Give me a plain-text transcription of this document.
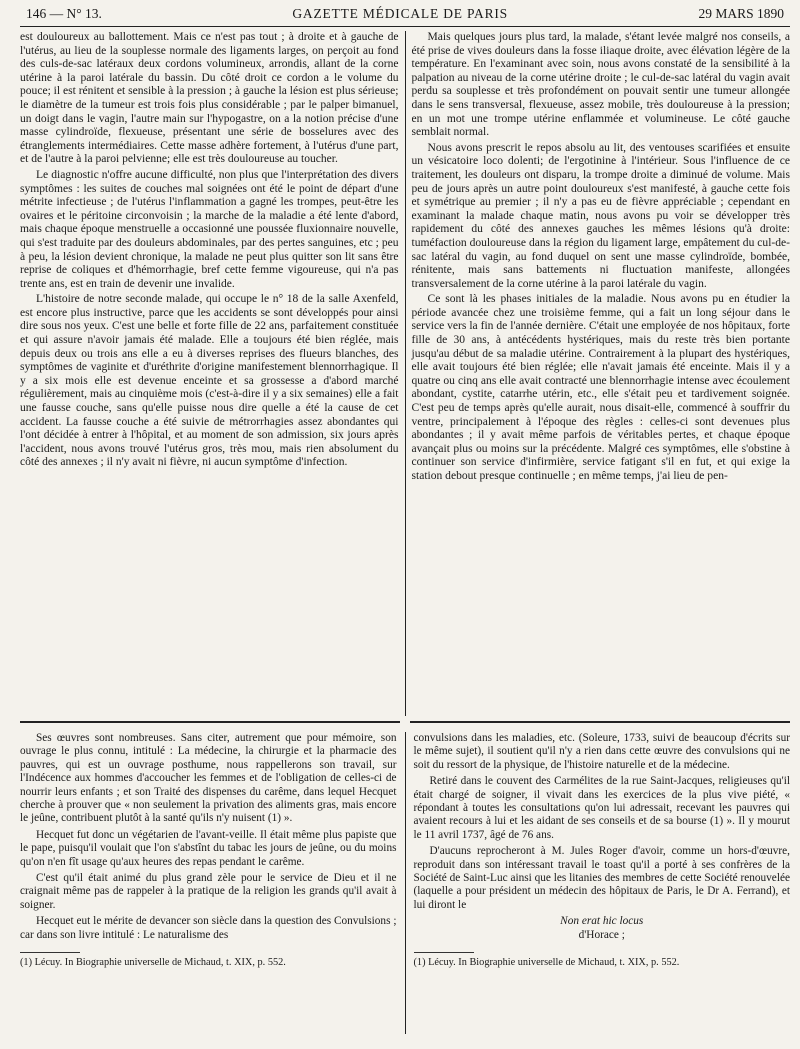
146 — N° 13.	GAZETTE MÉDICALE DE PARIS	29 MARS 1890

est douloureux au ballottement. Mais ce n'est pas tout ; à droite et à gauche de l'utérus, au lieu de la souplesse normale des ligaments larges, on perçoit au fond des culs-de-sac latéraux deux cordons volumineux, arrondis, allant de la corne utérine à la paroi latérale du bassin. Du côté droit ce cordon a le volume du pouce; il est rénitent et sensible à la pression ; à gauche la lésion est plus sérieuse; le diamètre de la tumeur est trois fois plus considérable ; par le palper bimanuel, un doigt dans le vagin, l'autre main sur l'hypogastre, on a la notion précise d'une masse cylindroïde, flexueuse, présentant une série de bosselures avec des étranglements intermédiaires. Cette masse adhère fortement, à l'utérus d'une part, et de l'autre à la paroi pelvienne; elle est très douloureuse au toucher.

Le diagnostic n'offre aucune difficulté, non plus que l'interprétation des divers symptômes : les suites de couches mal soignées ont été le point de départ d'une métrite infectieuse ; de l'utérus l'inflammation a gagné les trompes, peut-être les ovaires et le péritoine circonvoisin ; la marche de la maladie a été lente d'abord, mais chaque époque menstruelle a occasionné une poussée fluxionnaire nouvelle, qui s'est traduite par des douleurs abdominales, par des pertes sanguines, etc ; peu à peu, la lésion devient chronique, la malade ne peut plus quitter son lit sans être reprise de coliques et d'hémorrhagie, bref cette femme vigoureuse, qui n'a pas trente ans, est en train de devenir une invalide.

L'histoire de notre seconde malade, qui occupe le n° 18 de la salle Axenfeld, est encore plus instructive, parce que les accidents se sont développés pour ainsi dire sous nos yeux. C'est une belle et forte fille de 22 ans, parfaitement constituée et qui assure n'avoir jamais été malade. Elle a toujours été bien réglée, mais depuis deux ou trois ans elle a eu à diverses reprises des flueurs blanches, des symptômes de vaginite et d'uréthrite d'origine manifestement blennorrhagique. Il y a six mois elle est devenue enceinte et sa grossesse a d'abord marché régulièrement, mais au cinquième mois (c'est-à-dire il y a six semaines) elle a fait une fausse couche, sans qu'elle puisse nous dire quelle a été la cause de cet accident. La fausse couche a été suivie de métrorrhagies assez abondantes qui l'ont décidée à entrer à l'hôpital, et au moment de son admission, six jours après l'accident, nous avons trouvé l'utérus gros, très mou, mais rien absolument du côté des annexes ; il n'y avait ni fièvre, ni aucun symptôme d'infection.

Mais quelques jours plus tard, la malade, s'étant levée malgré nos conseils, a été prise de vives douleurs dans la fosse iliaque droite, avec élévation légère de la température. En l'examinant avec soin, nous avons constaté de la sensibilité à la palpation au niveau de la corne utérine droite ; le cul-de-sac latéral du vagin avait perdu sa souplesse et très profondément on pouvait sentir une tumeur allongée dans le sens transversal, flexueuse, assez mobile, très douloureuse à la pression; en un mot une trompe utérine enflammée et volumineuse. Le côté gauche semblait normal.

Nous avons prescrit le repos absolu au lit, des ventouses scarifiées et ensuite un vésicatoire loco dolenti; de l'ergotinine à l'intérieur. Sous l'influence de ce traitement, les douleurs ont disparu, la trompe droite a diminué de volume. Mais peu de jours après un autre point douloureux s'est manifesté, à gauche cette fois et symétrique au premier ; il n'y a pas eu de fièvre appréciable ; cependant en examinant la malade chaque matin, nous avons pu voir se développer très rapidement du côté des annexes gauches les mêmes lésions qu'à droite: tuméfaction douloureuse dans la région du ligament large, empâtement du cul-de-sac latéral du vagin, au fond duquel on sent une masse cylindroïde, bombée, rénitente, mais sans battements ni fluctuation manifeste, allongées transversalement de la corne utérine à la paroi latérale du vagin.

Ce sont là les phases initiales de la maladie. Nous avons pu en étudier la période avancée chez une troisième femme, qui a fait un long séjour dans le service vers la fin de l'année dernière. C'était une employée de nos hôpitaux, forte fille de 30 ans, à antécédents hystériques, mais du reste très bien portante jusqu'au début de sa maladie utérine. Contrairement à la plupart des hystériques, elle avait toujours été bien réglée; elle n'avait jamais été enceinte. Mais il y a quatre ou cinq ans elle avait contracté une blennorrhagie intense avec écoulement abondant, cystite, catarrhe utérin, etc., elle s'était peu et tardivement soignée. C'est peu de temps après qu'elle aurait, nous disait-elle, commencé à souffrir du ventre, principalement à l'époque des règles : celles-ci sont devenues plus abondantes ; il y avait même parfois de véritables pertes, et chaque époque avançait plus ou moins sur la précédente. Malgré ces symptômes, elle s'obstine à continuer son service d'infirmière, service fatigant s'il en fut, et qui exige la station debout presque continuelle ; en même temps, j'ai lieu de pen-

Ses œuvres sont nombreuses. Sans citer, autrement que pour mémoire, son ouvrage le plus connu, intitulé : La médecine, la chirurgie et la pharmacie des pauvres, qui est un ouvrage posthume, nous rappellerons son travail, sur l'Indécence aux hommes d'accoucher les femmes et de l'obligation de celles-ci de nourrir leurs enfants ; et son Traité des dispenses du carême, dans lequel Hecquet cherche à prouver que « non seulement la privation des aliments gras, mais encore le jeûne, contribuent plutôt à la santé qu'ils n'y nuisent (1) ».

Hecquet fut donc un végétarien de l'avant-veille. Il était même plus papiste que le pape, puisqu'il voulait que l'on s'abstînt du tabac les jours de jeûne, ou du moins qu'on n'en fît usage qu'aux heures des repas pendant le carême.

C'est qu'il était animé du plus grand zèle pour le service de Dieu et il ne craignait même pas de rappeler à la pratique de la religion les grands qu'il avait à soigner.

Hecquet eut le mérite de devancer son siècle dans la question des Convulsions ; car dans son livre intitulé : Le naturalisme des

(1) Lécuy. In Biographie universelle de Michaud, t. XIX, p. 552.

convulsions dans les maladies, etc. (Soleure, 1733, suivi de beaucoup d'écrits sur le même sujet), il soutient qu'il n'y a rien dans cette œuvre des convulsions qui ne soit du ressort de la physique, de l'histoire naturelle et de la médecine.

Retiré dans le couvent des Carmélites de la rue Saint-Jacques, religieuses qu'il était chargé de soigner, il vivait dans les exercices de la plus vive piété, « répondant à toutes les consultations qu'on lui adressait, recevant les pauvres qui avaient recours à lui et les aidant de ses conseils et de sa bourse (1) ». Il y mourut le 11 avril 1737, âgé de 76 ans.

D'aucuns reprocheront à M. Jules Roger d'avoir, comme un hors-d'œuvre, reproduit dans son intéressant travail le toast qu'il a porté à ses confrères de la Société de Saint-Luc ainsi que les litanies des membres de cette Société renouvelée (laquelle a pour président un médecin des hôpitaux de Paris, le Dr A. Ferrand), et lui diront le

Non erat hic locus
d'Horace ;

(1) Lécuy. In Biographie universelle de Michaud, t. XIX, p. 552.
